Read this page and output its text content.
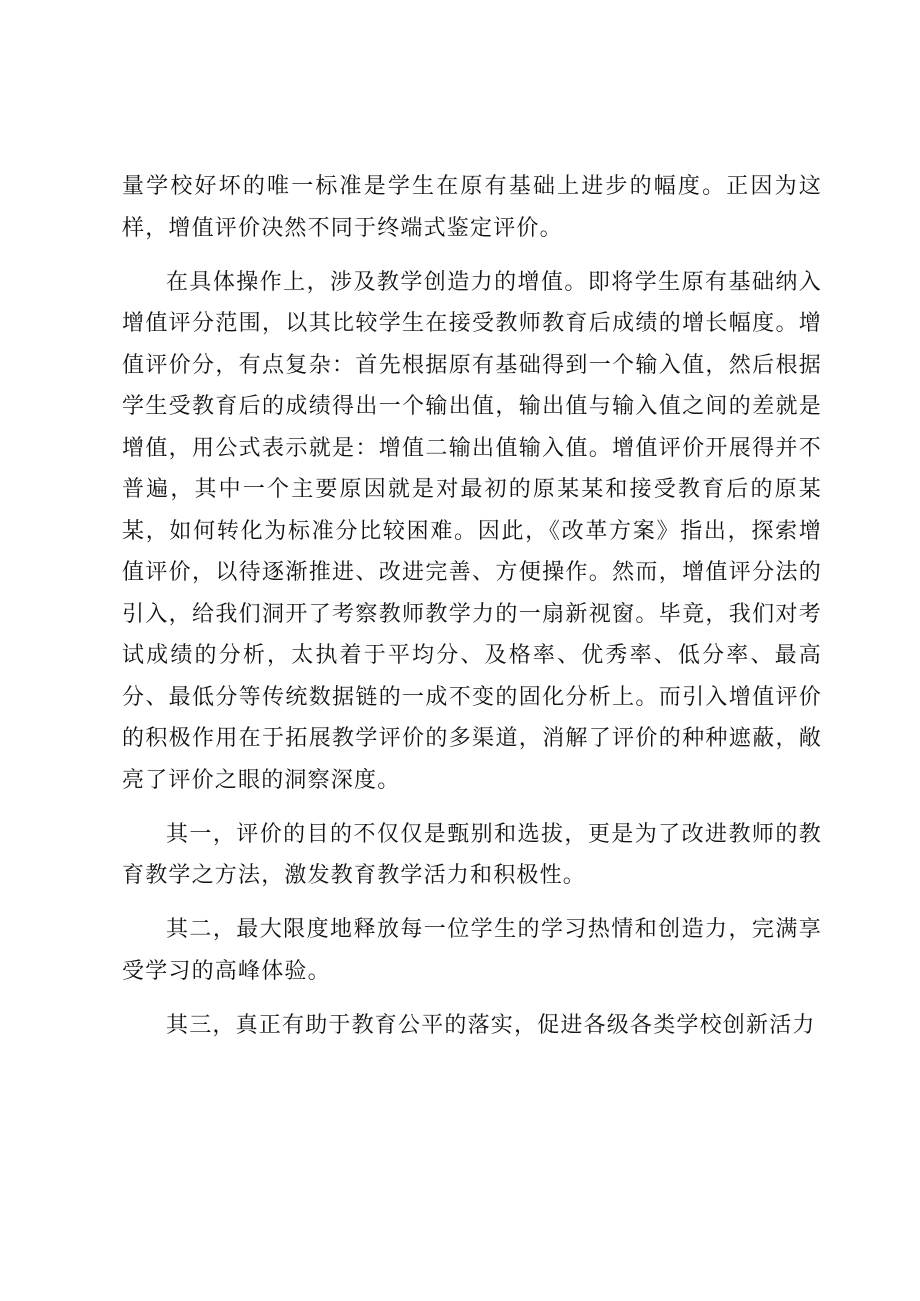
量学校好坏的唯一标准是学生在原有基础上进步的幅度。正因为这样，增值评价决然不同于终端式鉴定评价。

在具体操作上，涉及教学创造力的增值。即将学生原有基础纳入增值评分范围，以其比较学生在接受教师教育后成绩的增长幅度。增值评价分，有点复杂：首先根据原有基础得到一个输入值，然后根据学生受教育后的成绩得出一个输出值，输出值与输入值之间的差就是增值，用公式表示就是：增值二输出值输入值。增值评价开展得并不普遍，其中一个主要原因就是对最初的原某某和接受教育后的原某某，如何转化为标准分比较困难。因此，《改革方案》指出，探索增值评价，以待逐渐推进、改进完善、方便操作。然而，增值评分法的引入，给我们洞开了考察教师教学力的一扇新视窗。毕竟，我们对考试成绩的分析，太执着于平均分、及格率、优秀率、低分率、最高分、最低分等传统数据链的一成不变的固化分析上。而引入增值评价的积极作用在于拓展教学评价的多渠道，消解了评价的种种遮蔽，敞亮了评价之眼的洞察深度。

其一，评价的目的不仅仅是甄别和选拔，更是为了改进教师的教育教学之方法，激发教育教学活力和积极性。

其二，最大限度地释放每一位学生的学习热情和创造力，完满享受学习的高峰体验。

其三，真正有助于教育公平的落实，促进各级各类学校创新活力
